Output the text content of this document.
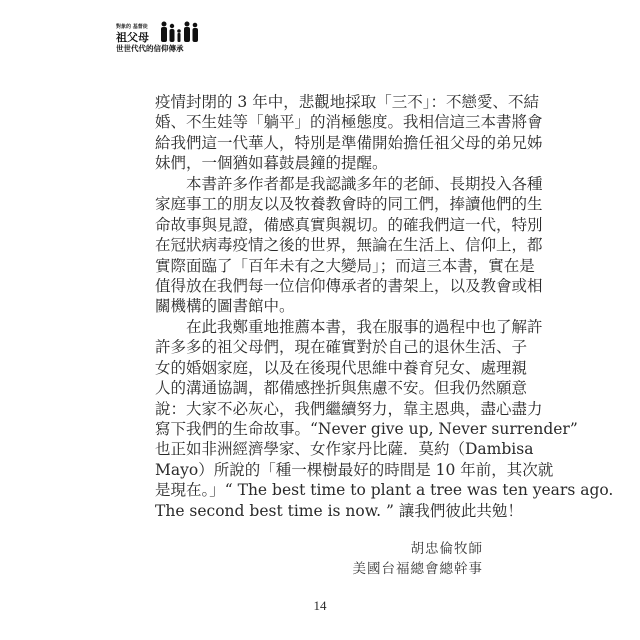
對象的 基督徒
祖父母
世世代代的信仰傳承
疫情封閉的 3 年中，悲觀地採取「三不」：不戀愛、不結
婚、不生娃等「躺平」的消極態度。我相信這三本書將會
給我們這一代華人，特別是準備開始擔任祖父母的弟兄姊
妹們，一個猶如暮鼓晨鐘的提醒。
本書許多作者都是我認識多年的老師、長期投入各種
家庭事工的朋友以及牧養教會時的同工們，捧讀他們的生
命故事與見證，備感真實與親切。的確我們這一代，特別
在冠狀病毒疫情之後的世界，無論在生活上、信仰上，都
實際面臨了「百年未有之大變局」；而這三本書，實在是
值得放在我們每一位信仰傳承者的書架上，以及教會或相
關機構的圖書館中。
在此我鄭重地推薦本書，我在服事的過程中也了解許
許多多的祖父母們，現在確實對於自己的退休生活、子
女的婚姻家庭，以及在後現代思維中養育兒女、處理親
人的溝通協調，都備感挫折與焦慮不安。但我仍然願意
說：大家不必灰心，我們繼續努力，靠主恩典，盡心盡力
寫下我們的生命故事。“Never give up, Never surrender”
也正如非洲經濟學家、女作家丹比薩．莫約（Dambisa
Mayo）所說的「種一棵樹最好的時間是 10 年前，其次就
是現在。」“ The best time to plant a tree was ten years ago.
The second best time is now. ” 讓我們彼此共勉！
胡忠倫牧師
美國台福總會總幹事
14
